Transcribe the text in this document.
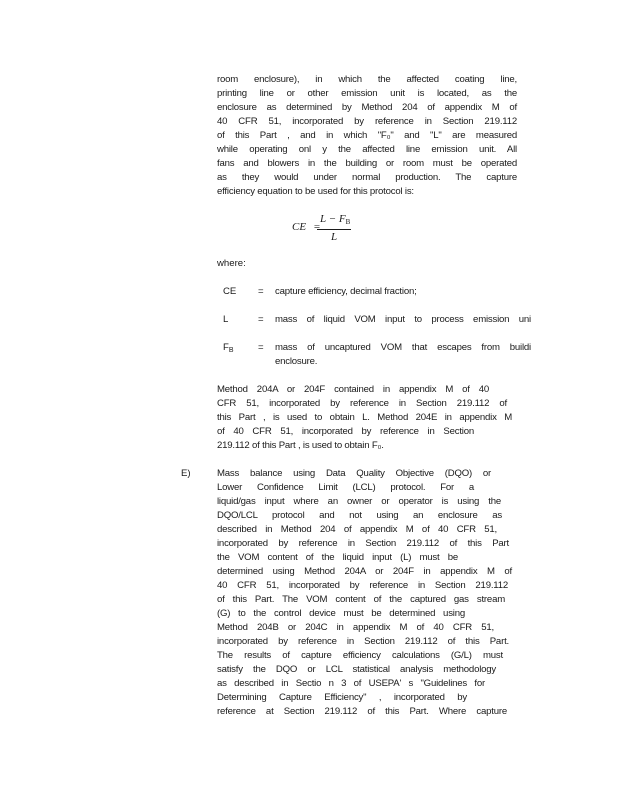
room enclosure), in which the affected coating line,
printing line or other emission unit is located, as the
enclosure as determined by Method 204 of appendix M of
40 CFR 51, incorporated by reference in Section 219.112
of this Part , and in which "F₀" and "L" are measured
while operating onl y the affected line emission unit. All
fans and blowers in the building or room must be operated
as they would under normal production. The capture
efficiency equation to be used for this protocol is:
CE =
$L - F_B$
L
where:
CE = capture efficiency, decimal fraction;
L	= mass of liquid VOM input to process emission uni
$F_B$	= mass of uncaptured VOM that escapes from buildi
enclosure.
Method 204A or 204F contained in appendix M of 40
CFR 51, incorporated by reference in Section 219.112 of
this Part , is used to obtain L. Method 204E in appendix M
of 40 CFR 51, incorporated by reference in Section
219.112 of this Part , is used to obtain F₀.
E)	Mass balance using Data Quality Objective (DQO) or
Lower Confidence Limit (LCL) protocol. For a
liquid/gas input where an owner or operator is using the
DQO/LCL protocol and not using an enclosure as
described in Method 204 of appendix M of 40 CFR 51,
incorporated by reference in Section 219.112 of this Part
the VOM content of the liquid input (L) must be
determined using Method 204A or 204F in appendix M of
40 CFR 51, incorporated by reference in Section 219.112
of this Part. The VOM content of the captured gas stream
(G) to the control device must be determined using
Method 204B or 204C in appendix M of 40 CFR 51,
incorporated by reference in Section 219.112 of this Part.
The results of capture efficiency calculations (G/L) must
satisfy the DQO or LCL statistical analysis methodology
as described in Sectio n 3 of USEPA' s "Guidelines for
Determining Capture Efficiency" , incorporated by
reference at Section 219.112 of this Part. Where capture
